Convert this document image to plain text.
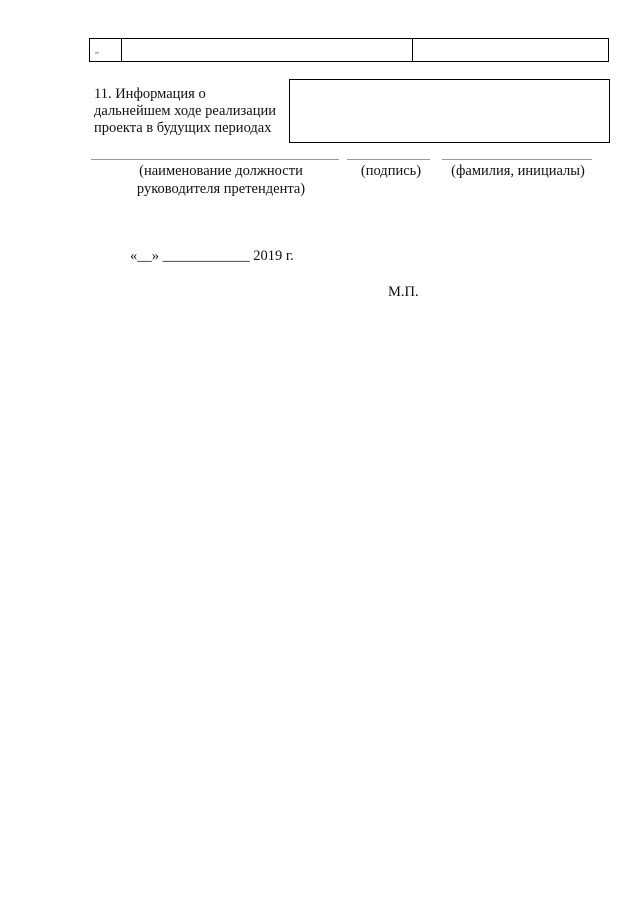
,,
11. Информация о
дальнейшем ходе реализации
проекта в будущих периодах
(наименование должности
руководителя претендента)
(подпись)	(фамилия, инициалы)
«__» ____________ 2019 г.
М.П.
